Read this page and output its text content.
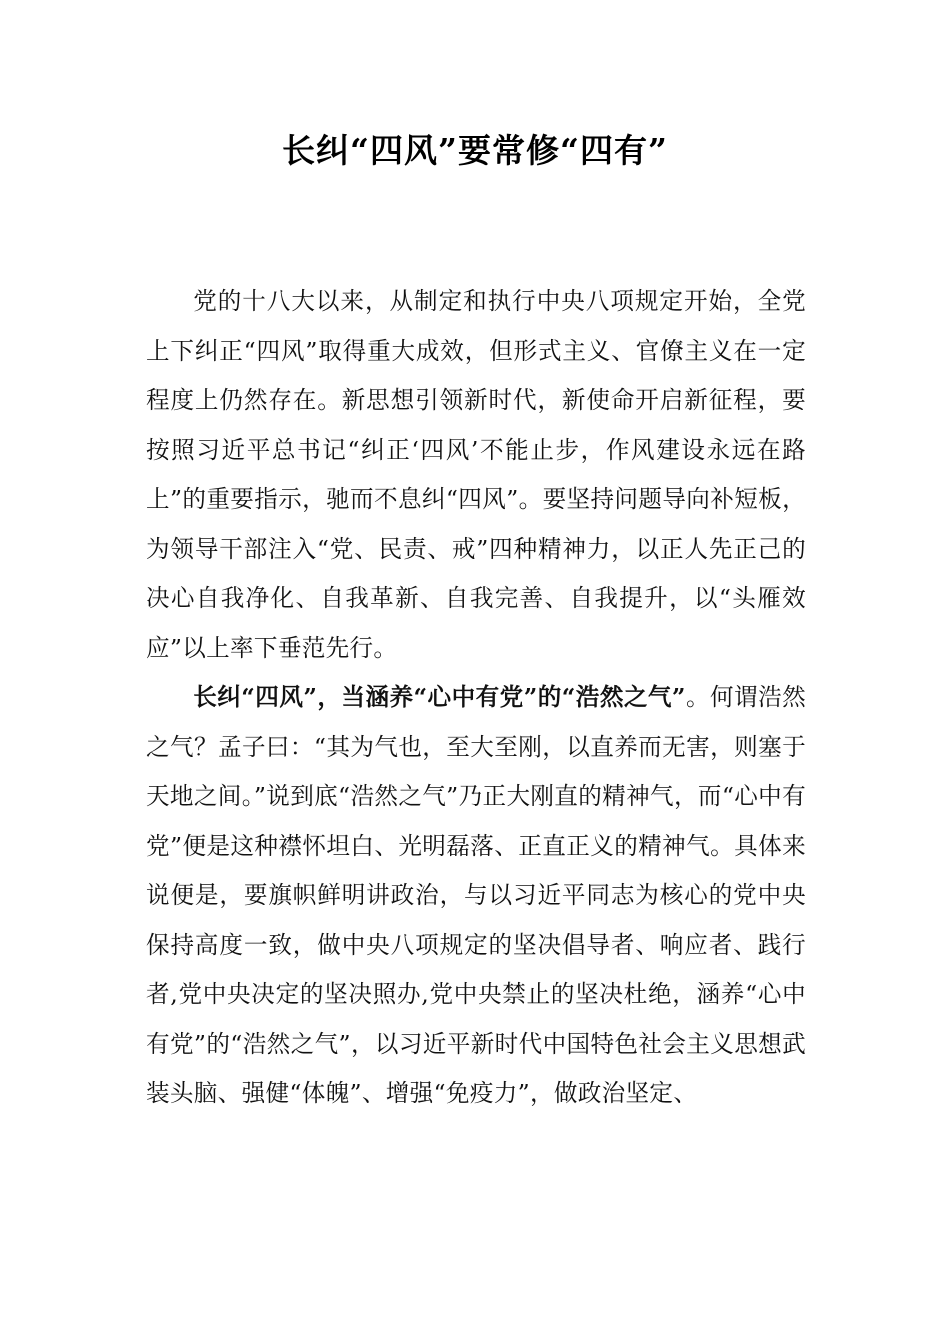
长纠“四风”要常修“四有”

党的十八大以来，从制定和执行中央八项规定开始，全党上下纠正“四风”取得重大成效，但形式主义、官僚主义在一定程度上仍然存在。新思想引领新时代，新使命开启新征程，要按照习近平总书记“纠正‘四风’不能止步，作风建设永远在路上”的重要指示，驰而不息纠“四风”。要坚持问题导向补短板，为领导干部注入“党、民责、戒”四种精神力，以正人先正己的决心自我净化、自我革新、自我完善、自我提升，以“头雁效应”以上率下垂范先行。

长纠“四风”，当涵养“心中有党”的“浩然之气”。何谓浩然之气？孟子曰：“其为气也，至大至刚，以直养而无害，则塞于天地之间。”说到底“浩然之气”乃正大刚直的精神气，而“心中有党”便是这种襟怀坦白、光明磊落、正直正义的精神气。具体来说便是，要旗帜鲜明讲政治，与以习近平同志为核心的党中央保持高度一致，做中央八项规定的坚决倡导者、响应者、践行者,党中央决定的坚决照办,党中央禁止的坚决杜绝，涵养“心中有党”的“浩然之气”，以习近平新时代中国特色社会主义思想武装头脑、强健“体魄”、增强“免疫力”，做政治坚定、
